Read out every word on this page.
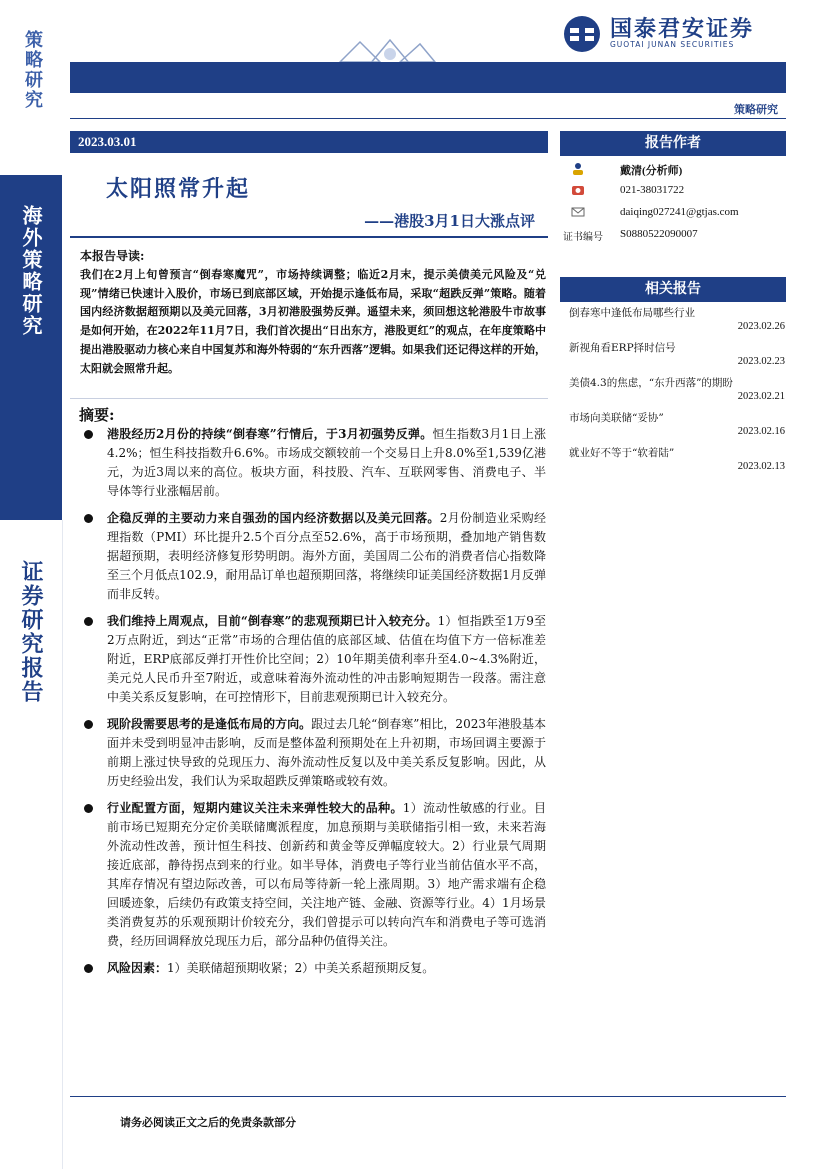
策略研究
海外策略研究
证券研究报告
国泰君安证券
GUOTAI JUNAN SECURITIES
策略研究
2023.03.01
太阳照常升起
——港股3月1日大涨点评
本报告导读:
我们在2月上旬曾预言“倒春寒魔咒”，市场持续调整；临近2月末，提示美债美元风险及“兑现”情绪已快速计入股价，市场已到底部区域，开始提示逢低布局，采取“超跌反弹”策略。随着国内经济数据超预期以及美元回落，3月初港股强势反弹。遥望未来，须回想这轮港股牛市故事是如何开始，在2022年11月7日，我们首次提出“日出东方，港股更红”的观点，在年度策略中提出港股驱动力核心来自中国复苏和海外特弱的“东升西落”逻辑。如果我们还记得这样的开始，太阳就会照常升起。
摘要:
港股经历2月份的持续“倒春寒”行情后，于3月初强势反弹。恒生指数3月1日上涨4.2%；恒生科技指数升6.6%。市场成交额较前一个交易日上升8.0%至1,539亿港元，为近3周以来的高位。板块方面，科技股、汽车、互联网零售、消费电子、半导体等行业涨幅居前。
企稳反弹的主要动力来自强劲的国内经济数据以及美元回落。2月份制造业采购经理指数（PMI）环比提升2.5个百分点至52.6%，高于市场预期，叠加地产销售数据超预期，表明经济修复形势明朗。海外方面，美国周二公布的消费者信心指数降至三个月低点102.9，耐用品订单也超预期回落，将继续印证美国经济数据1月反弹而非反转。
我们维持上周观点，目前“倒春寒”的悲观预期已计入较充分。1）恒指跌至1万9至2万点附近，到达“正常”市场的合理估值的底部区域、估值在均值下方一倍标准差附近，ERP底部反弹打开性价比空间；2）10年期美债利率升至4.0~4.3%附近，美元兑人民币升至7附近，或意味着海外流动性的冲击影响短期告一段落。需注意中美关系反复影响，在可控情形下，目前悲观预期已计入较充分。
现阶段需要思考的是逢低布局的方向。跟过去几轮“倒春寒”相比，2023年港股基本面并未受到明显冲击影响，反而是整体盈利预期处在上升初期，市场回调主要源于前期上涨过快导致的兑现压力、海外流动性反复以及中美关系反复影响。因此，从历史经验出发，我们认为采取超跌反弹策略或较有效。
行业配置方面，短期内建议关注未来弹性较大的品种。1）流动性敏感的行业。目前市场已短期充分定价美联储鹰派程度，加息预期与美联储指引相一致，未来若海外流动性改善，预计恒生科技、创新药和黄金等反弹幅度较大。2）行业景气周期接近底部，静待拐点到来的行业。如半导体，消费电子等行业当前估值水平不高，其库存情况有望边际改善，可以布局等待新一轮上涨周期。3）地产需求端有企稳回暖迹象，后续仍有政策支持空间，关注地产链、金融、资源等行业。4）1月场景类消费复苏的乐观预期计价较充分，我们曾提示可以转向汽车和消费电子等可选消费，经历回调释放兑现压力后，部分品种仍值得关注。
风险因素：1）美联储超预期收紧；2）中美关系超预期反复。
报告作者
戴清(分析师)
021-38031722
daiqing027241@gtjas.com
证书编号 S0880522090007
相关报告
倒春寒中逢低布局哪些行业
2023.02.26
新视角看ERP择时信号
2023.02.23
美债4.3的焦虑，“东升西落”的期盼
2023.02.21
市场向美联储“妥协”
2023.02.16
就业好不等于“软着陆”
2023.02.13
请务必阅读正文之后的免责条款部分
